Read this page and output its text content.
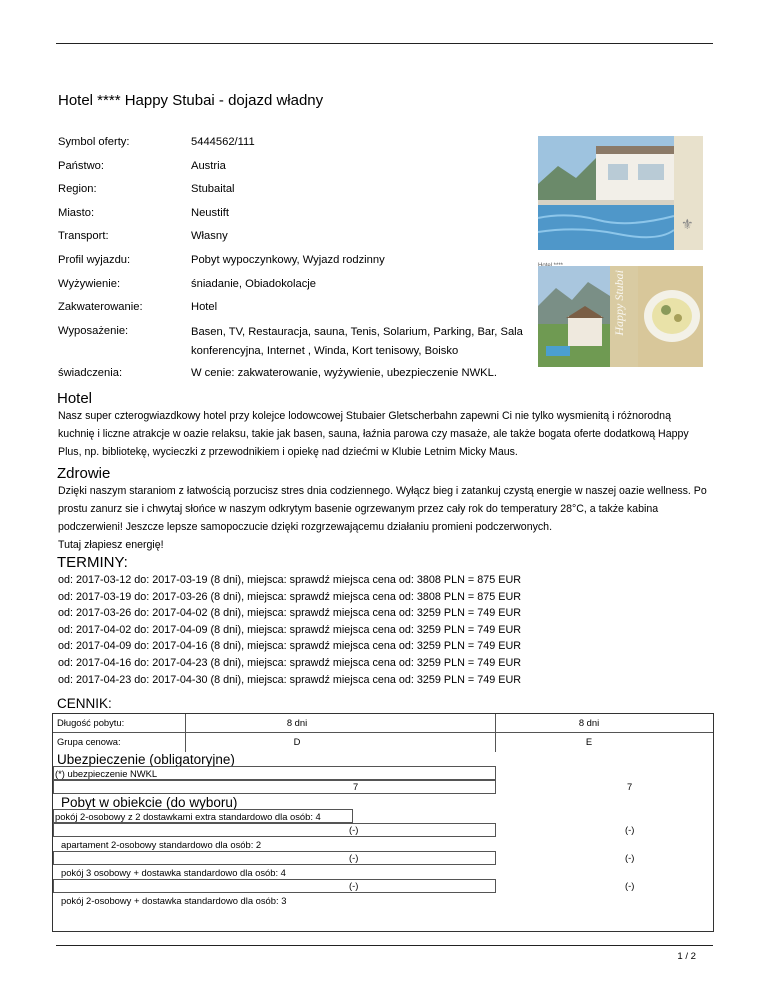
Hotel **** Happy Stubai - dojazd władny
Symbol oferty:	5444562/111
Państwo:	Austria
Region:	Stubaital
Miasto:	Neustift
Transport:	Własny
Profil wyjazdu:	Pobyt wypoczynkowy, Wyjazd rodzinny
Wyżywienie:	śniadanie, Obiadokolacje
Zakwaterowanie:	Hotel
Wyposażenie:	Basen, TV, Restauracja, sauna, Tenis, Solarium, Parking, Bar, Sala konferencyjna, Internet , Winda, Kort tenisowy, Boisko
świadczenia:	W cenie: zakwaterowanie, wyżywienie, ubezpieczenie NWKL.
⚜
Happy Stubai
Hotel
Nasz super czterogwiazdkowy hotel przy kolejce lodowcowej Stubaier Gletscherbahn zapewni Ci nie tylko wysmienitą i różnorodną kuchnię i liczne atrakcje w oazie relaksu, takie jak basen, sauna, łaźnia parowa czy masaże, ale także bogata oferte dodatkową Happy Plus, np. bibliotekę, wycieczki z przewodnikiem i opiekę nad dziećmi w Klubie Letnim Micky Maus.
Zdrowie
Dzięki naszym staraniom z łatwością porzucisz stres dnia codziennego. Wyłącz bieg i zatankuj czystą energie w naszej oazie wellness. Po prostu zanurz sie i chwytaj słońce w naszym odkrytym basenie ogrzewanym przez cały rok do temperatury 28°C, a także kabina podczerwieni! Jeszcze lepsze samopoczucie dzięki rozgrzewającemu działaniu promieni podczerwonych.
Tutaj złapiesz energię!
TERMINY:
od: 2017-03-12 do: 2017-03-19 (8 dni), miejsca: sprawdź miejsca cena od: 3808 PLN = 875 EUR
od: 2017-03-19 do: 2017-03-26 (8 dni), miejsca: sprawdź miejsca cena od: 3808 PLN = 875 EUR
od: 2017-03-26 do: 2017-04-02 (8 dni), miejsca: sprawdź miejsca cena od: 3259 PLN = 749 EUR
od: 2017-04-02 do: 2017-04-09 (8 dni), miejsca: sprawdź miejsca cena od: 3259 PLN = 749 EUR
od: 2017-04-09 do: 2017-04-16 (8 dni), miejsca: sprawdź miejsca cena od: 3259 PLN = 749 EUR
od: 2017-04-16 do: 2017-04-23 (8 dni), miejsca: sprawdź miejsca cena od: 3259 PLN = 749 EUR
od: 2017-04-23 do: 2017-04-30 (8 dni), miejsca: sprawdź miejsca cena od: 3259 PLN = 749 EUR
CENNIK:
Długość pobytu:	8 dni	8 dni
Grupa cenowa:	D	E
Ubezpieczenie (obligatoryjne)
(*) ubezpieczenie NWKL
7	7
Pobyt w obiekcie (do wyboru)
pokój 2-osobowy z 2 dostawkami extra standardowo dla osób: 4
(-)	(-)
apartament 2-osobowy standardowo dla osób: 2
(-)	(-)
pokój 3 osobowy + dostawka standardowo dla osób: 4
(-)	(-)
pokój 2-osobowy + dostawka standardowo dla osób: 3
1 / 2
